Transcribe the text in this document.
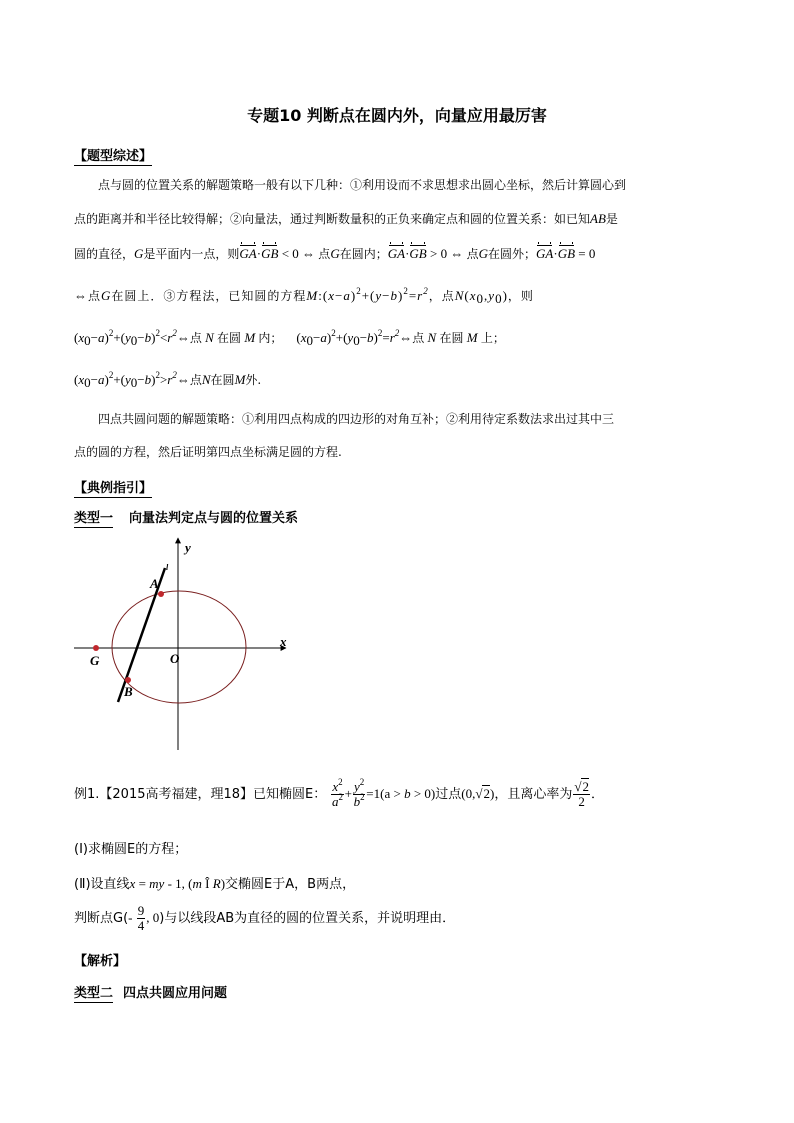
专题10 判断点在圆内外，向量应用最厉害
【题型综述】
点与圆的位置关系的解题策略一般有以下几种：①利用设而不求思想求出圆心坐标，然后计算圆心到
点的距离并和半径比较得解；②向量法，通过判断数量积的正负来确定点和圆的位置关系：如已知AB是
圆的直径，G是平面内一点，则GA·GB < 0 ⇔ 点G在圆内；GA·GB > 0 ⇔ 点G在圆外；GA·GB = 0
⇔点G在圆上．③方程法，已知圆的方程$M:(x-a)^2+(y-b)^2=r^2$，点$N(x_0,y_0)$，则
$(x_0-a)^2+(y_0-b)^2<r^2\Leftrightarrow$点 N 在圆 M 内； $(x_0-a)^2+(y_0-b)^2=r^2\Leftrightarrow$点 N 在圆 M 上；
$(x_0-a)^2+(y_0-b)^2>r^2\Leftrightarrow$点N在圆M外.
四点共圆问题的解题策略：①利用四点构成的四边形的对角互补；②利用待定系数法求出过其中三
点的圆的方程，然后证明第四点坐标满足圆的方程.
【典例指引】
类型一 向量法判定点与圆的位置关系
y
x
A
B
G	O
l
例1.【2015高考福建，理18】已知椭圆E： $\frac{x^2}{a^2} + \frac{y^2}{b^2} =1(a > b > 0)$过点(0,√2)，且离心率为 $\frac{√2}{2}$ ．
(Ⅰ)求椭圆E的方程；
(Ⅱ)设直线x = my - 1, (m Î R)交椭圆E于A，B两点，
判断点$G(- \frac{9}{4}$ , 0)与以线段AB为直径的圆的位置关系，并说明理由．
【解析】
类型二 四点共圆应用问题
